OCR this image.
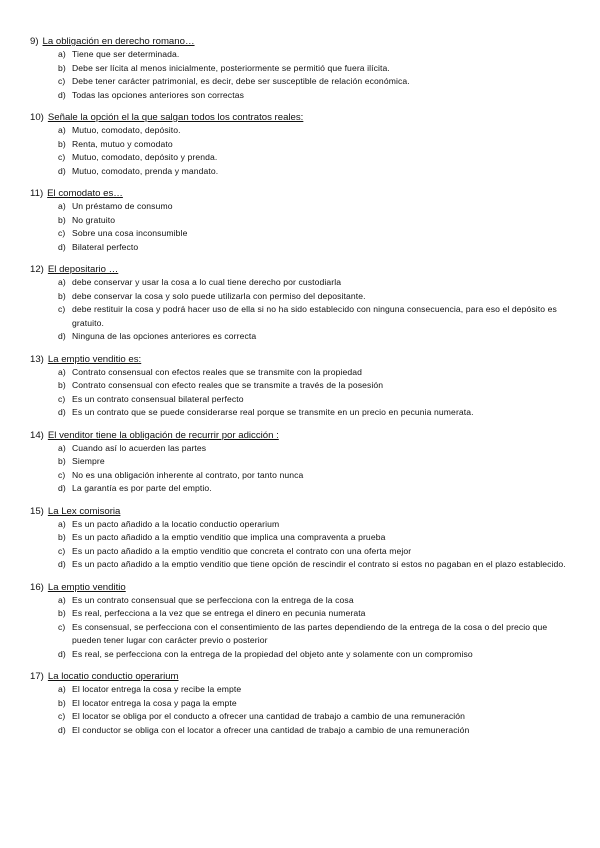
9) La obligación en derecho romano…
a) Tiene que ser determinada.
b) Debe ser lícita al menos inicialmente, posteriormente se permitió que fuera ilícita.
c) Debe tener carácter patrimonial, es decir, debe ser susceptible de relación económica.
d) Todas las opciones anteriores son correctas
10) Señale la opción el la que salgan todos los contratos reales:
a) Mutuo, comodato, depósito.
b) Renta, mutuo y comodato
c) Mutuo, comodato, depósito y prenda.
d) Mutuo, comodato, prenda y mandato.
11) El comodato es…
a) Un préstamo de consumo
b) No gratuito
c) Sobre una cosa inconsumible
d) Bilateral perfecto
12) El depositario …
a) debe conservar y usar la cosa a lo cual tiene derecho por custodiarla
b) debe conservar la cosa y solo puede utilizarla con permiso del depositante.
c) debe restituir la cosa y podrá hacer uso de ella si no ha sido establecido con ninguna consecuencia, para eso el depósito es gratuito.
d) Ninguna de las opciones anteriores es correcta
13) La emptio venditio es:
a) Contrato consensual con efectos reales que se transmite con la propiedad
b) Contrato consensual con efecto reales que se transmite a través de la posesión
c) Es un contrato consensual bilateral perfecto
d) Es un contrato que se puede considerarse real porque se transmite en un precio en pecunia numerata.
14) El venditor tiene la obligación de recurrir por adicción :
a) Cuando así lo acuerden las partes
b) Siempre
c) No es una obligación inherente al contrato, por tanto nunca
d) La garantía es por parte del emptio.
15) La Lex comisoria
a) Es un pacto añadido a la locatio conductio operarium
b) Es un pacto añadido a la emptio venditio que implica una compraventa a prueba
c) Es un pacto añadido a la emptio venditio que concreta el contrato con una oferta mejor
d) Es un pacto añadido a la emptio venditio que tiene opción de rescindir el contrato si estos no pagaban en el plazo establecido.
16) La emptio venditio
a) Es un contrato consensual que se perfecciona con la entrega de la cosa
b) Es real, perfecciona a la vez que se entrega el dinero en pecunia numerata
c) Es consensual, se perfecciona con el consentimiento de las partes dependiendo de la entrega de la cosa o del precio que pueden tener lugar con carácter previo o posterior
d) Es real, se perfecciona con la entrega de la propiedad del objeto ante y solamente con un compromiso
17) La locatio conductio operarium
a) El locator entrega la cosa y recibe la empte
b) El locator entrega la cosa y paga la empte
c) El locator se obliga por el conducto a ofrecer una cantidad de trabajo a cambio de una remuneración
d) El conductor se obliga con el locator a ofrecer una cantidad de trabajo a cambio de una remuneración
